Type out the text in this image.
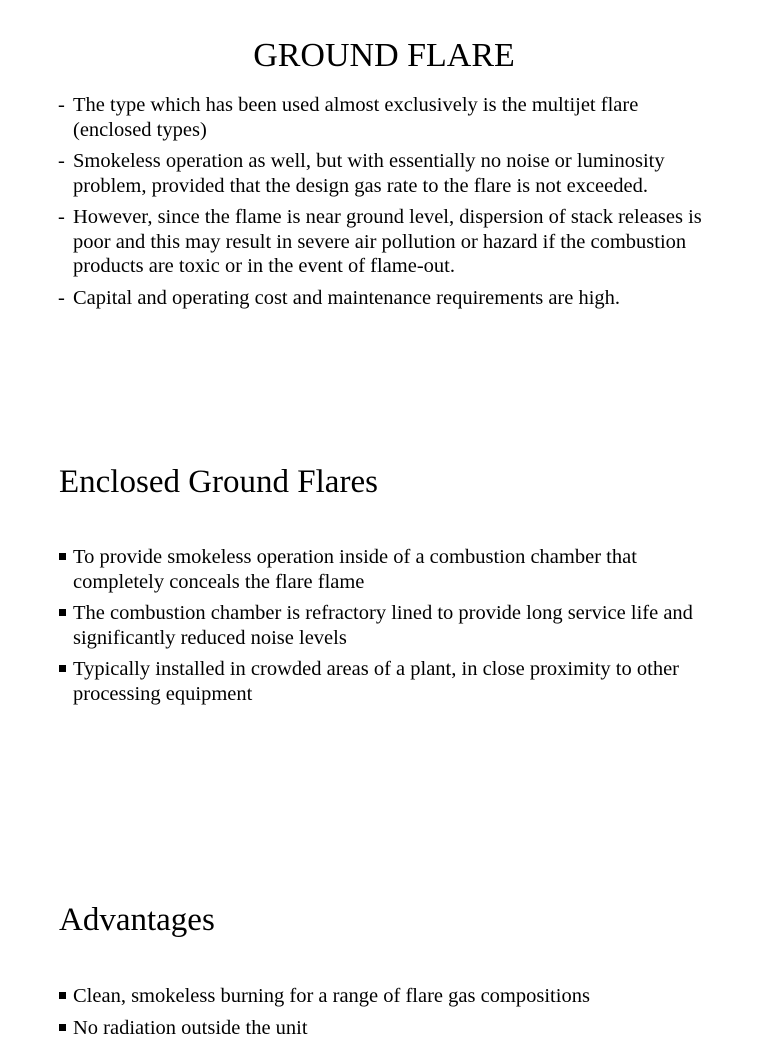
GROUND FLARE
- The type which has been used almost exclusively is the multijet flare (enclosed types)
- Smokeless operation as well, but with essentially no noise or luminosity problem, provided that the design gas rate to the flare is not exceeded.
- However, since the flame is near ground level, dispersion of stack releases is poor and this may result in severe air pollution or hazard if the combustion products are toxic or in the event of flame-out.
- Capital and operating cost and maintenance requirements are high.
Enclosed Ground Flares
To provide smokeless operation inside of a combustion chamber that completely conceals the flare flame
The combustion chamber is refractory lined to provide long service life and significantly reduced noise levels
Typically installed in crowded areas of a plant, in close proximity to other processing equipment
Advantages
Clean, smokeless burning for a range of flare gas compositions
No radiation outside the unit
